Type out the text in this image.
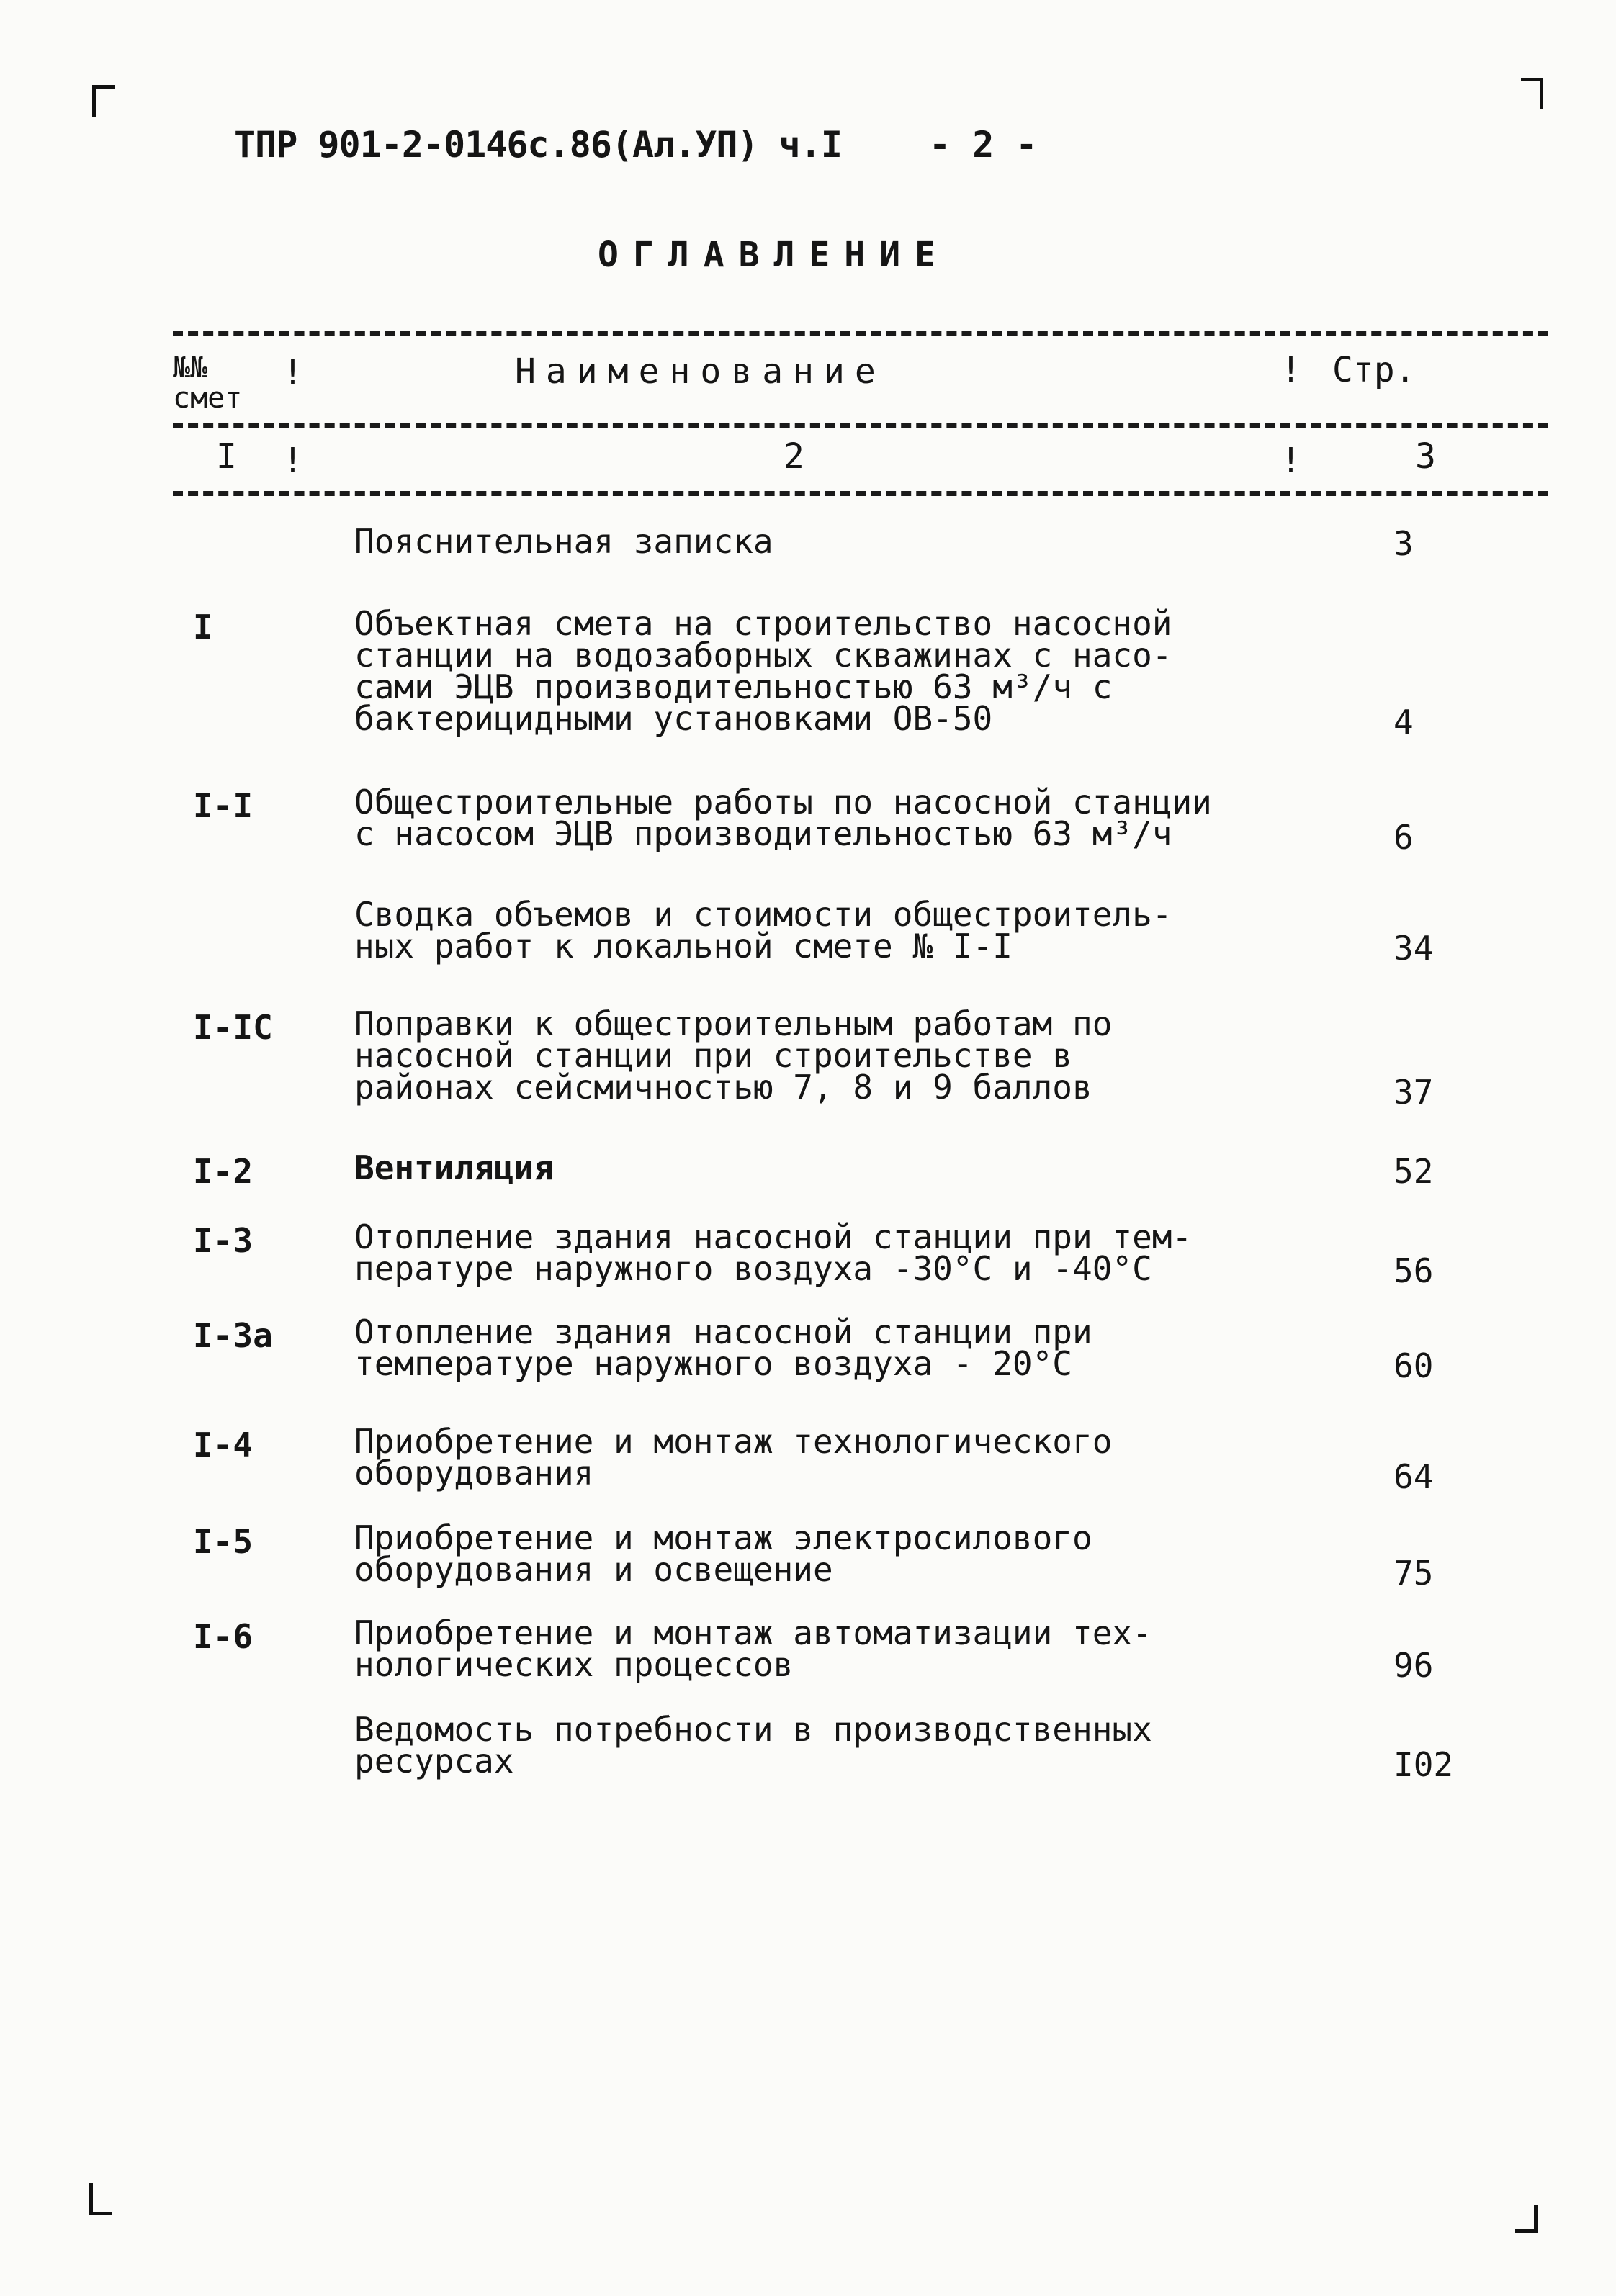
ТПР 901-2-0146с.86(Ал.УП) ч.I - 2 -
ОГЛАВЛЕНИЕ
№№
смет
!	Наименование	! Стр.
I !	2	!	3
Пояснительная записка	3
I	Объектная смета на строительство насосной
станции на водозаборных скважинах с насо-
сами ЭЦВ производительностью 63 м³/ч с
бактерицидными установками ОВ-50	4
I-I	Общестроительные работы по насосной станции
с насосом ЭЦВ производительностью 63 м³/ч	6
Сводка объемов и стоимости общестроитель-
ных работ к локальной смете № I-I	34
I-IC Поправки к общестроительным работам по
насосной станции при строительстве в
районах сейсмичностью 7, 8 и 9 баллов	37
I-2	Вентиляция	52
I-3	Отопление здания насосной станции при тем-
пературе наружного воздуха -30°С и -40°С	56
I-3а Отопление здания насосной станции при
температуре наружного воздуха - 20°С	60
I-4	Приобретение и монтаж технологического
оборудования	64
I-5	Приобретение и монтаж электросилового
оборудования и освещение	75
I-6	Приобретение и монтаж автоматизации тех-
нологических процессов	96
Ведомость потребности в производственных
ресурсах	I02
